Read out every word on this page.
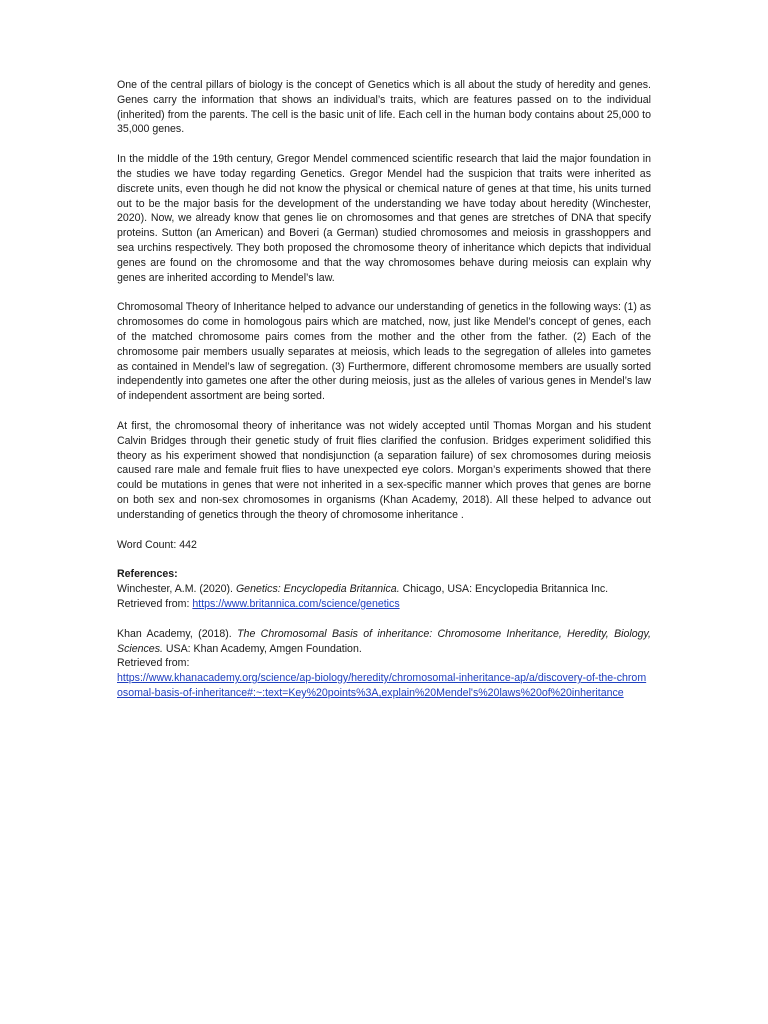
One of the central pillars of biology is the concept of Genetics which is all about the study of heredity and genes. Genes carry the information that shows an individual’s traits, which are features passed on to the individual (inherited) from the parents. The cell is the basic unit of life. Each cell in the human body contains about 25,000 to 35,000 genes.

In the middle of the 19th century, Gregor Mendel commenced scientific research that laid the major foundation in the studies we have today regarding Genetics. Gregor Mendel had the suspicion that traits were inherited as discrete units, even though he did not know the physical or chemical nature of genes at that time, his units turned out to be the major basis for the development of the understanding we have today about heredity (Winchester, 2020). Now, we already know that genes lie on chromosomes and that genes are stretches of DNA that specify proteins. Sutton (an American) and Boveri (a German) studied chromosomes and meiosis in grasshoppers and sea urchins respectively. They both proposed the chromosome theory of inheritance which depicts that individual genes are found on the chromosome and that the way chromosomes behave during meiosis can explain why genes are inherited according to Mendel’s law.

Chromosomal Theory of Inheritance helped to advance our understanding of genetics in the following ways: (1) as chromosomes do come in homologous pairs which are matched, now, just like Mendel’s concept of genes, each of the matched chromosome pairs comes from the mother and the other from the father. (2) Each of the chromosome pair members usually separates at meiosis, which leads to the segregation of alleles into gametes as contained in Mendel’s law of segregation. (3) Furthermore, different chromosome members are usually sorted independently into gametes one after the other during meiosis, just as the alleles of various genes in Mendel’s law of independent assortment are being sorted.

At first, the chromosomal theory of inheritance was not widely accepted until Thomas Morgan and his student Calvin Bridges through their genetic study of fruit flies clarified the confusion. Bridges experiment solidified this theory as his experiment showed that nondisjunction (a separation failure) of sex chromosomes during meiosis caused rare male and female fruit flies to have unexpected eye colors. Morgan’s experiments showed that there could be mutations in genes that were not inherited in a sex-specific manner which proves that genes are borne on both sex and non-sex chromosomes in organisms (Khan Academy, 2018). All these helped to advance out understanding of genetics through the theory of chromosome inheritance .

Word Count: 442

References:

Winchester, A.M. (2020). Genetics: Encyclopedia Britannica. Chicago, USA: Encyclopedia Britannica Inc.

Retrieved from: https://www.britannica.com/science/genetics

Khan Academy, (2018). The Chromosomal Basis of inheritance: Chromosome Inheritance, Heredity, Biology, Sciences. USA: Khan Academy, Amgen Foundation.

Retrieved from:

https://www.khanacademy.org/science/ap-biology/heredity/chromosomal-inheritance-ap/a/discovery-of-the-chromosomal-basis-of-inheritance#:~:text=Key%20points%3A,explain%20Mendel's%20laws%20of%20inheritance
